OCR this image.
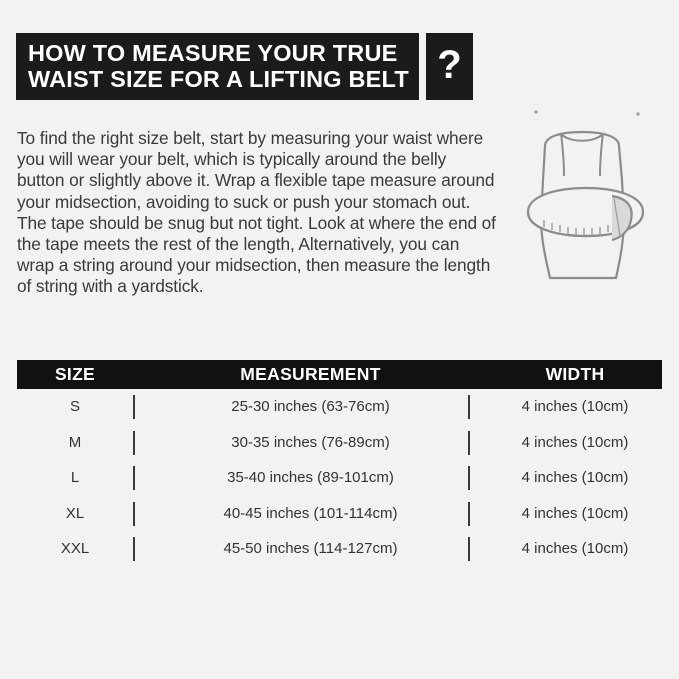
HOW TO MEASURE YOUR TRUE
WAIST SIZE FOR A LIFTING BELT ?
To find the right size belt, start by measuring your waist where you will wear your belt, which is typically around the belly button or slightly above it. Wrap a flexible tape measure around your midsection, avoiding to suck or push your stomach out. The tape should be snug but not tight. Look at where the end of the tape meets the rest of the length, Alternatively, you can wrap a string around your midsection, then measure the length of string with a yardstick.
SIZE	MEASUREMENT	WIDTH
S	25-30 inches (63-76cm)	4 inches (10cm)
M	30-35 inches (76-89cm)	4 inches (10cm)
L	35-40 inches (89-101cm)	4 inches (10cm)
XL	40-45 inches (101-114cm)	4 inches (10cm)
XXL	45-50 inches (114-127cm)	4 inches (10cm)
